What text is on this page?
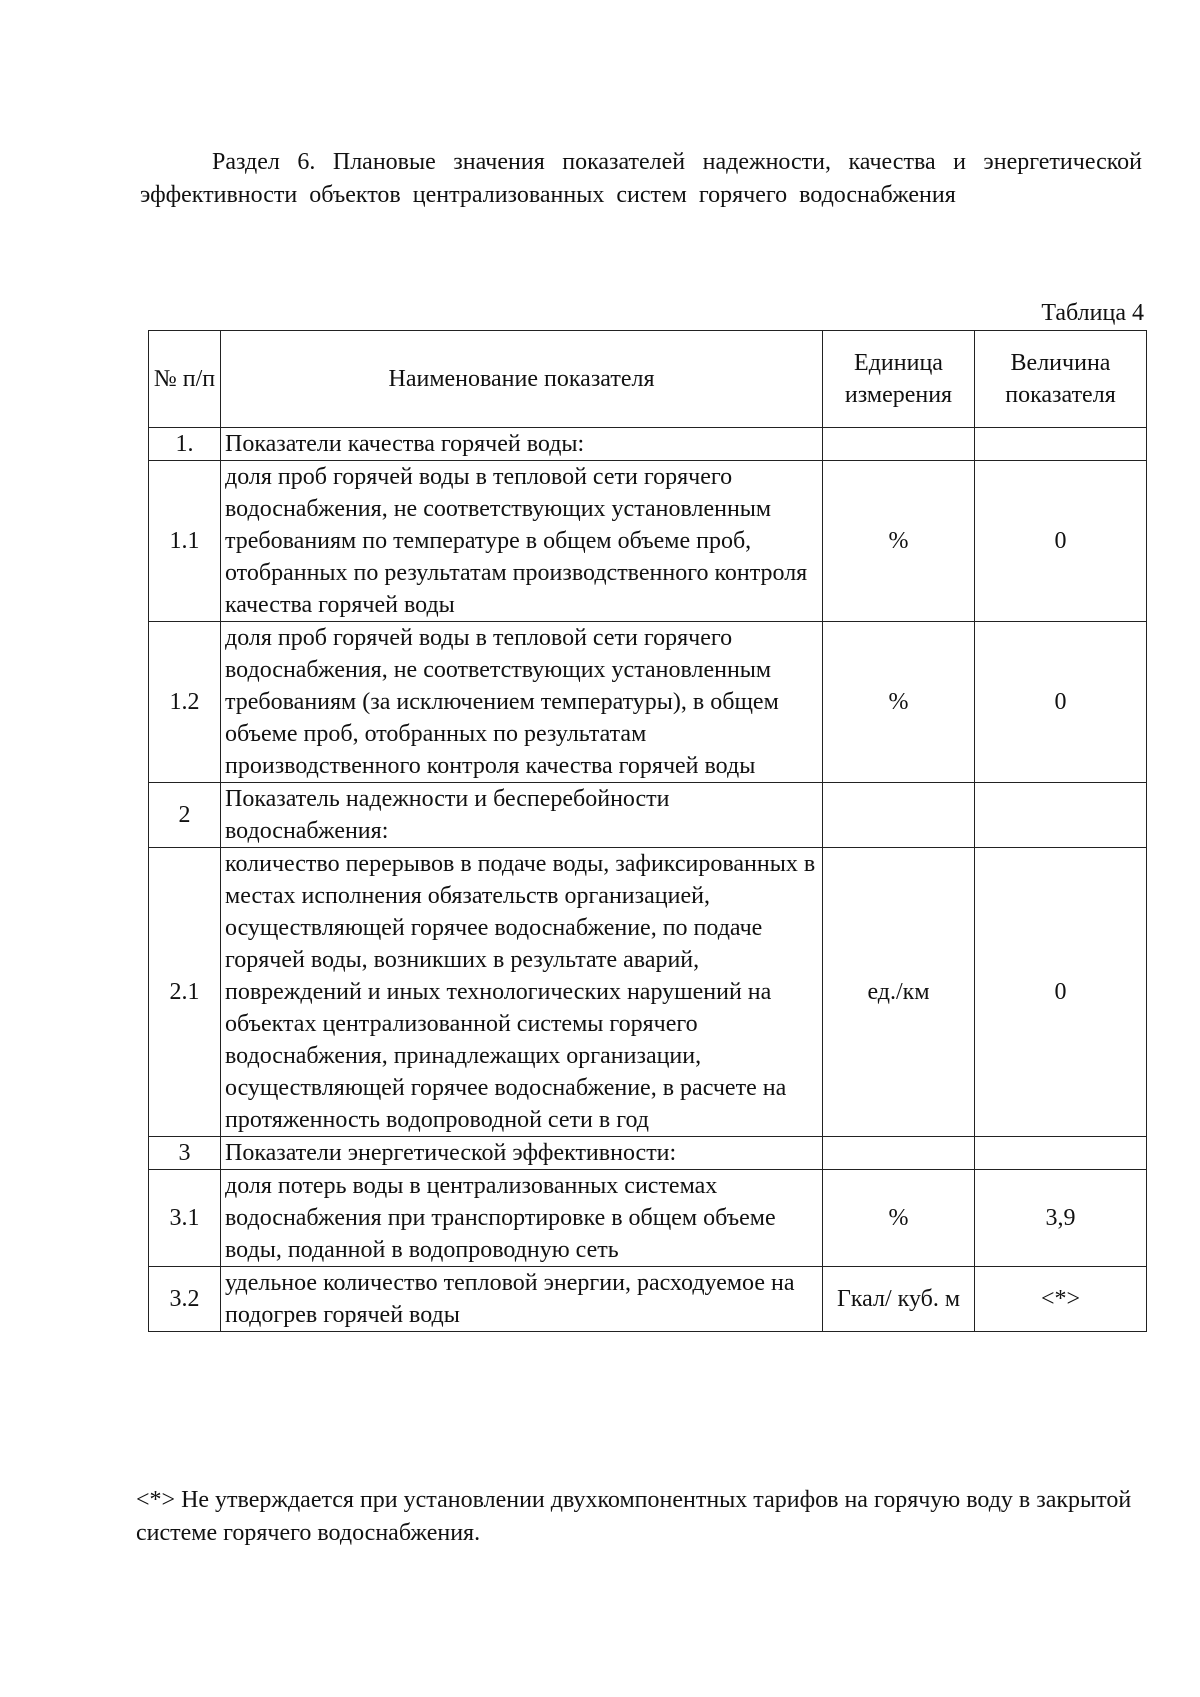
Раздел 6. Плановые значения показателей надежности, качества и энергетической эффективности объектов централизованных систем горячего водоснабжения
Таблица 4
№ п/п	Наименование показателя	Единица измерения	Величина показателя
1.	Показатели качества горячей воды:		
1.1	доля проб горячей воды в тепловой сети горячего водоснабжения, не соответствующих установленным требованиям по температуре в общем объеме проб, отобранных по результатам производственного контроля качества горячей воды	%	0
1.2	доля проб горячей воды в тепловой сети горячего водоснабжения, не соответствующих установленным требованиям (за исключением температуры), в общем объеме проб, отобранных по результатам производственного контроля качества горячей воды	%	0
2	Показатель надежности и бесперебойности водоснабжения:		
2.1	количество перерывов в подаче воды, зафиксированных в местах исполнения обязательств организацией, осуществляющей горячее водоснабжение, по подаче горячей воды, возникших в результате аварий, повреждений и иных технологических нарушений на объектах централизованной системы горячего водоснабжения, принадлежащих организации, осуществляющей горячее водоснабжение, в расчете на протяженность водопроводной сети в год	ед./км	0
3	Показатели энергетической эффективности:		
3.1	доля потерь воды в централизованных системах водоснабжения при транспортировке в общем объеме воды, поданной в водопроводную сеть	%	3,9
3.2	удельное количество тепловой энергии, расходуемое на подогрев горячей воды	Гкал/ куб. м	<*>
<*> Не утверждается при установлении двухкомпонентных тарифов на горячую воду в закрытой системе горячего водоснабжения.
